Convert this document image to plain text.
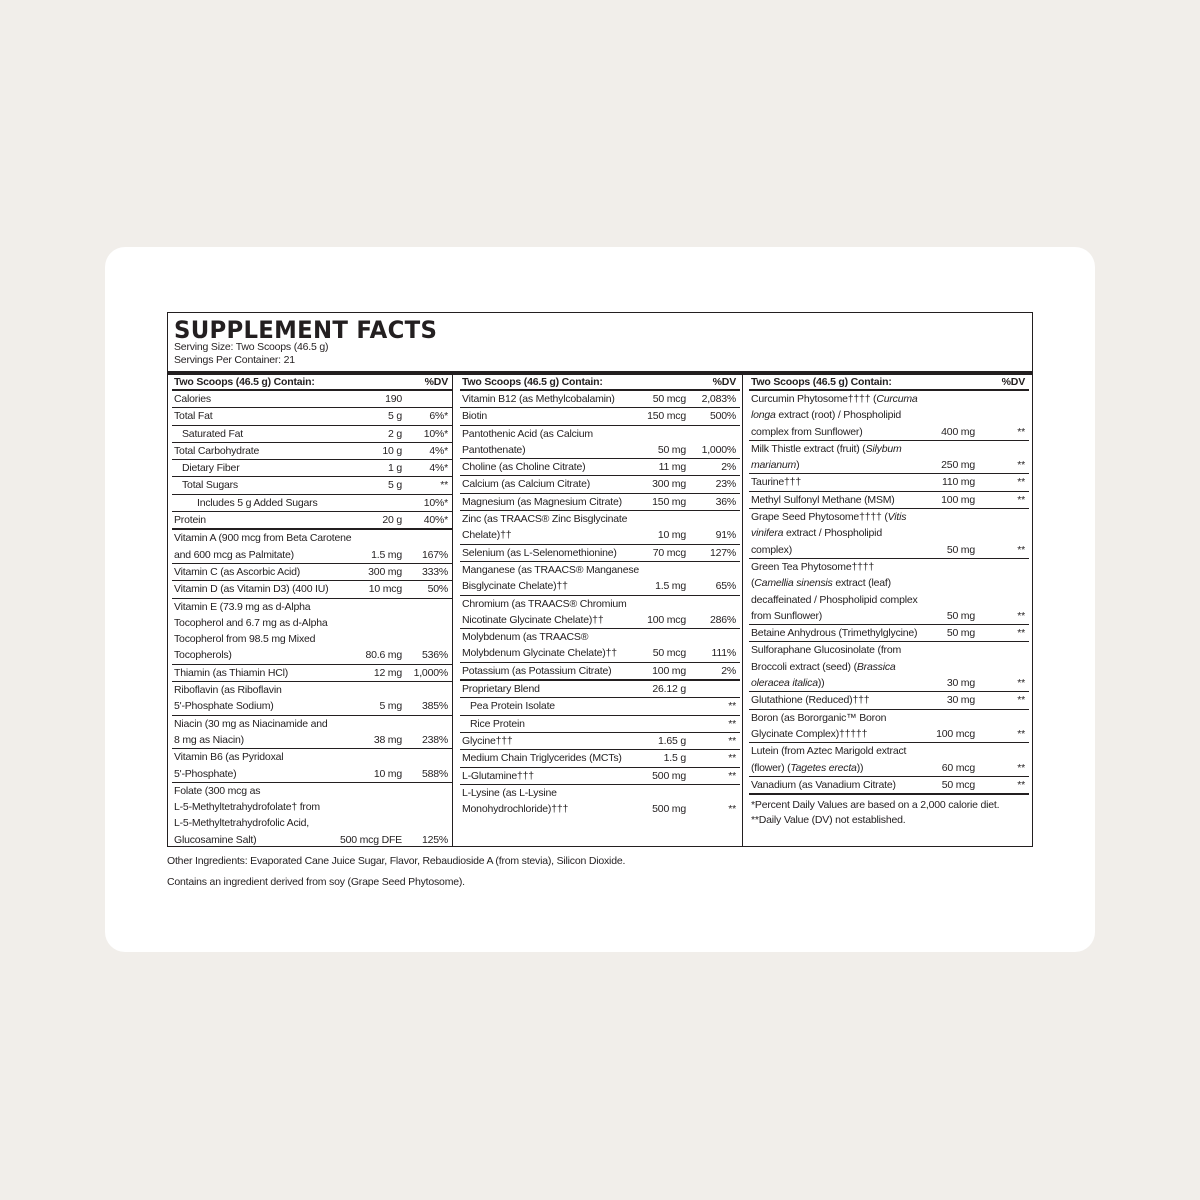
SUPPLEMENT FACTS
Serving Size: Two Scoops (46.5 g)
Servings Per Container: 21
Two Scoops (46.5 g) Contain:	%DV
Calories	190
Total Fat	5 g	6%*
Saturated Fat	2 g 10%*
Total Carbohydrate	10 g	4%*
Dietary Fiber	1 g	4%*
Total Sugars	5 g	**
Includes 5 g Added Sugars	10%*
Protein	20 g 40%*
Vitamin A (900 mcg from Beta Carotene
and 600 mcg as Palmitate)	1.5 mg 167%
Vitamin C (as Ascorbic Acid)	300 mg 333%
Vitamin D (as Vitamin D3) (400 IU)	10 mcg 50%
Vitamin E (73.9 mg as d-Alpha
Tocopherol and 6.7 mg as d-Alpha
Tocopherol from 98.5 mg Mixed
Tocopherols)	80.6 mg 536%
Thiamin (as Thiamin HCl)	12 mg 1,000%
Riboflavin (as Riboflavin
5'-Phosphate Sodium)	5 mg 385%
Niacin (30 mg as Niacinamide and
8 mg as Niacin)	38 mg 238%
Vitamin B6 (as Pyridoxal
5'-Phosphate)	10 mg 588%
Folate (300 mcg as
L-5-Methyltetrahydrofolate† from
L-5-Methyltetrahydrofolic Acid,
Glucosamine Salt)	500 mcg DFE 125%
Two Scoops (46.5 g) Contain:	%DV
Vitamin B12 (as Methylcobalamin)	50 mcg 2,083%
Biotin	150 mcg 500%
Pantothenic Acid (as Calcium
Pantothenate)	50 mg 1,000%
Choline (as Choline Citrate)	11 mg	2%
Calcium (as Calcium Citrate)	300 mg	23%
Magnesium (as Magnesium Citrate)	150 mg	36%
Zinc (as TRAACS® Zinc Bisglycinate
Chelate)††	10 mg	91%
Selenium (as L-Selenomethionine)	70 mcg 127%
Manganese (as TRAACS® Manganese
Bisglycinate Chelate)††	1.5 mg	65%
Chromium (as TRAACS® Chromium
Nicotinate Glycinate Chelate)††	100 mcg 286%
Molybdenum (as TRAACS®
Molybdenum Glycinate Chelate)††	50 mcg 111%
Potassium (as Potassium Citrate)	100 mg	2%
Proprietary Blend	26.12 g
Pea Protein Isolate	**
Rice Protein	**
Glycine†††	1.65 g	**
Medium Chain Triglycerides (MCTs)	1.5 g	**
L-Glutamine†††	500 mg	**
L-Lysine (as L-Lysine
Monohydrochloride)†††	500 mg	**
Two Scoops (46.5 g) Contain:	%DV
Curcumin Phytosome†††† (Curcuma
longa extract (root) / Phospholipid
complex from Sunflower)	400 mg	**
Milk Thistle extract (fruit) (Silybum
marianum)	250 mg	**
Taurine†††	110 mg	**
Methyl Sulfonyl Methane (MSM)	100 mg	**
Grape Seed Phytosome†††† (Vitis
vinifera extract / Phospholipid
complex)	50 mg	**
Green Tea Phytosome††††
(Camellia sinensis extract (leaf)
decaffeinated / Phospholipid complex
from Sunflower)	50 mg	**
Betaine Anhydrous (Trimethylglycine)	50 mg	**
Sulforaphane Glucosinolate (from
Broccoli extract (seed) (Brassica
oleracea italica))	30 mg	**
Glutathione (Reduced)†††	30 mg	**
Boron (as Bororganic™ Boron
Glycinate Complex)†††††	100 mcg	**
Lutein (from Aztec Marigold extract
(flower) (Tagetes erecta))	60 mcg	**
Vanadium (as Vanadium Citrate)	50 mcg	**
*Percent Daily Values are based on a 2,000 calorie diet.
**Daily Value (DV) not established.
Other Ingredients: Evaporated Cane Juice Sugar, Flavor, Rebaudioside A (from stevia), Silicon Dioxide.
Contains an ingredient derived from soy (Grape Seed Phytosome).
